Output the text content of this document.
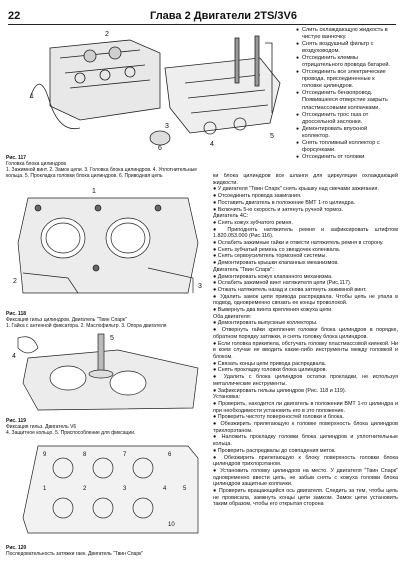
22	Глава 2 Двигатели 2TS/3V6
1
2
3
4
5
6
Рис. 117
Головка блока цилиндров
1. Зажимной винт. 2. Замок цепи. 3. Головка блока цилиндров. 4. Уплотнительные кольца. 5. Прокладка головки блока цилиндров. 6. Приводная цепь
● Слить охлаждающую жидкость в чистую ванночку.
● Снять воздушный фильтр с воздуховодом.
● Отсоединить клеммы отрицательного провода батарей.
● Отсоединить все электрические провода, присоединенные к головке цилиндров.
● Отсоединить бензопровод. Появившееся отверстие закрыть пластмассовыми колпачками.
● Отсоединить трос газа от дроссельной заслонки.
● Демонтировать впускной коллектор.
● Снять топливный коллектор с форсунками.
● Отсоединить от головки
1
2
3
Рис. 118
Фиксация гильз цилиндров. Двигатель "Твин Спарк"
1. Гайка с антенной фиксатора. 2. Маслофильтр. 3. Опора двигателя
4
5
Рис. 119
Фиксация гильз. Двигатель V6
4. Защитное кольцо. 5. Приспособление для фиксации.
1	2	3	4	5
6
7
8
9
10
Рис. 120
Последовательность затяжки гаек. Двигатель "Твин Спарк"

ки блока цилиндров все шланги для циркуляции охлаждающей жидкости.

● У двигателя "Твин Спарк" снять крышку над свечами зажигания.

● Отсоединить провода зажигания.

● Поставить двигатель в положение ВМТ 1-го цилиндра.

● Включить 5-ю скорость и затянуть ручной тормоз.

Двигатель 4С:

● Снять кожух зубчатого ремня.

● Приподнять натяжитель ремня и зафиксировать штифтом 1.820.053.000 (Рис.116).

● Ослабить зажимные гайки и отвести натяжитель ремня в сторону.

● Снять зубчатый ремень со звездочек коленвала.

● Снять сервоусилитель тормозной системы.

● Демонтировать крышки клапанных механизмов.

Двигатель "Твин Спарк":

● Демонтировать кожух клапанного механизма.

● Ослабить зажимной винт натяжителя цепи (Рис.117).

● Отжать натяжитель назад и снова затянуть зажимной винт.

● Удалить замок цепи привода распредвала. Чтобы цепь не упала в подвод, одновременно связать ее концы проволокой.

● Вывернуть два винта крепления кожуха цепи.

Оба двигателя:

● Демонтировать выпускные коллекторы.

● Отвернуть гайки крепления головки блока цилиндров в порядке, обратном порядку затяжки, и снять головку блока цилиндров.

● Если головка прикипела, обстучать головку пластмассовой киянкой. Ни в коем случае не вводить какие-либо инструменты между головкой и блоком.

● Связать концы цепи привода распредвала.

● Снять прокладку головки блока цилиндров.

● Удалить с блока цилиндров остатки прокладки, не используя металлические инструменты.

● Зафиксировать гильзы цилиндров (Рис. 118 и 119).

Установка:

● Проверить, находится ли двигатель в положении ВМТ 1-го цилиндра и при необходимости установить его в это положение.

● Проверить чистоту поверхностей головки и блока.

● Обезжирить прилегающую к головке поверхность блока цилиндров трихлорэтаном.

● Наложить прокладку головки блока цилиндров и уплотнительные кольца.

● Проверить распредвалы до совпадения меток.

● Обезжирить прилегающую к блоку поверхность головки блока цилиндров трихлорэтаном.

● Установить головку цилиндров на место. У двигателя "Твин Спарк" одновременно ввести цепь, не забыв снять с кожуха головки блока цилиндров защитные колпачки.

● Проверить вращающийся ось двигателя. Следить за тем, чтобы цепь не провисала, замкнуть концы цепи замком. Замок цепи установить таким образом, чтобы его открытая сторона
